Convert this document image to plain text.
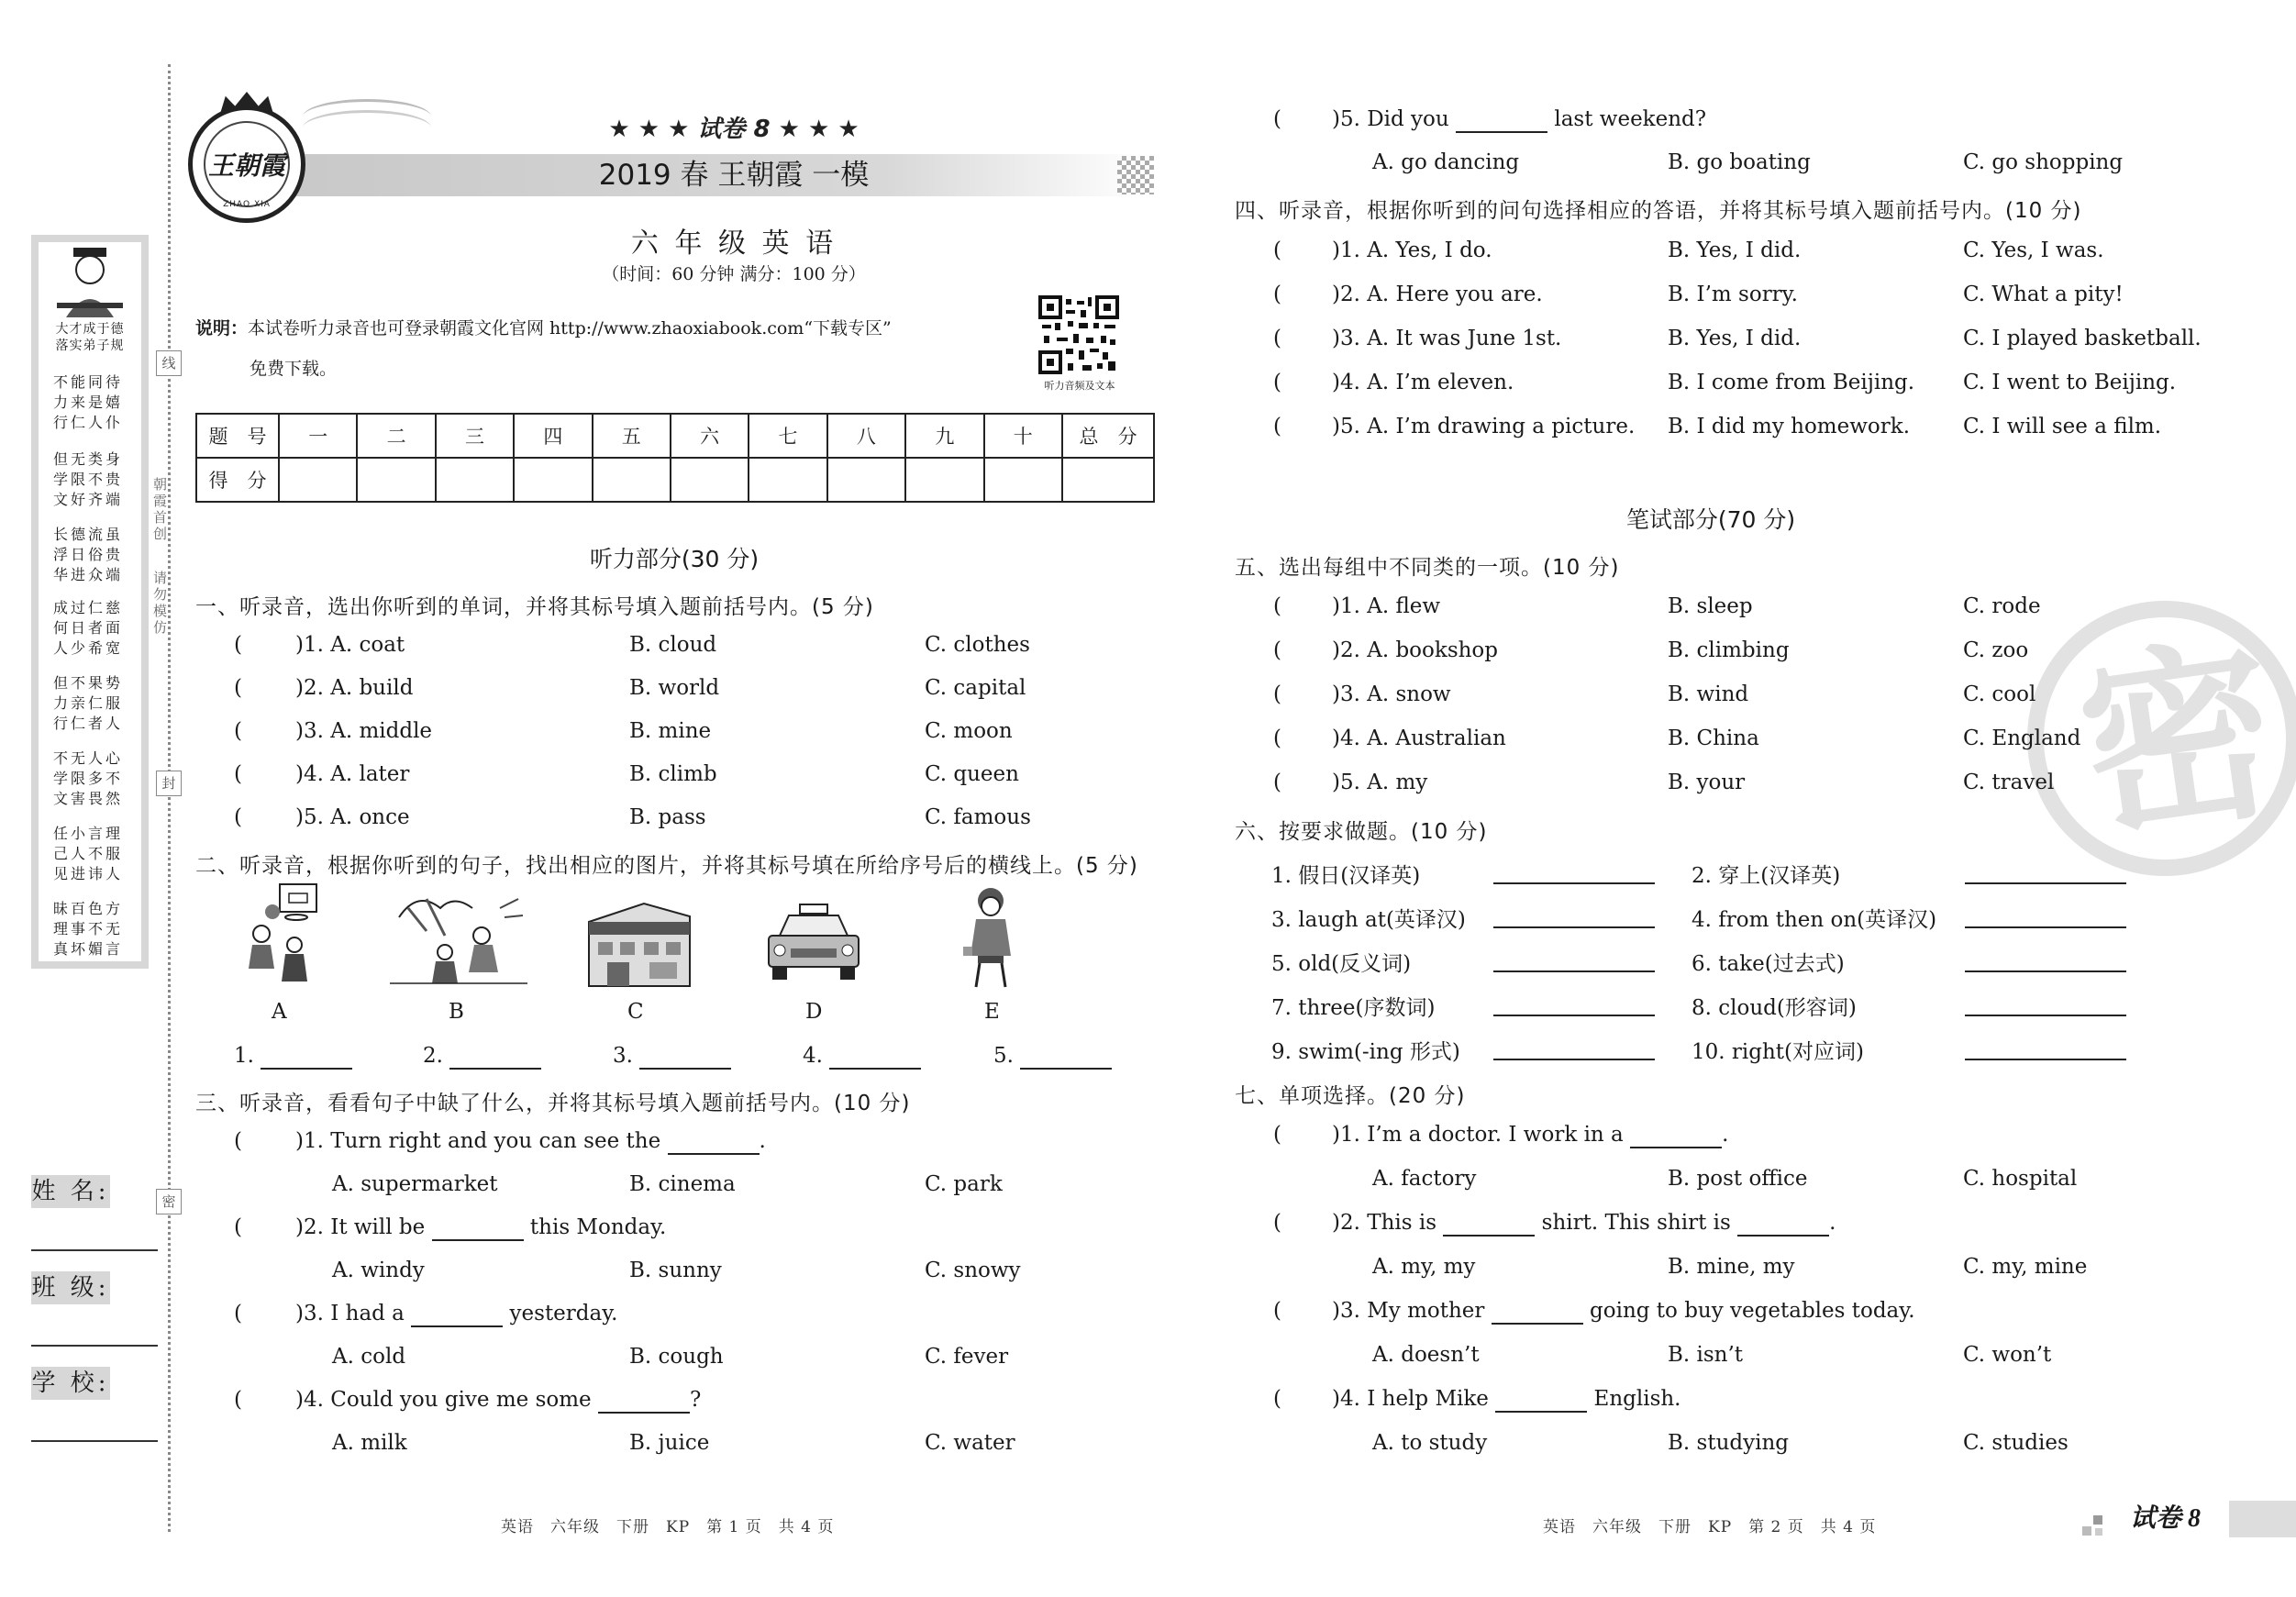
大才成于德
落实弟子规
不能同待
力来是嬉
行仁人仆
但无类身
学限不贵
文好齐端
长德流虽
浮日俗贵
华进众端
成过仁慈
何日者面
人少希宽
但不果势
力亲仁服
行仁者人
不无人心
学限多不
文害畏然
任小言理
己人不服
见进讳人
昧百色方
理事不无
真坏媚言
朝霞首创
请勿模仿
线
封
密
姓 名:
班 级:
学 校:
王朝霞
ZHAO XIA
★ ★ ★ 试卷 8 ★ ★ ★
2019 春 王朝霞 一模
六 年 级 英 语
（时间：60 分钟 满分：100 分）
说明：本试卷听力录音也可登录朝霞文化官网 http://www.zhaoxiabook.com“下载专区”
免费下载。
听力音频及文本
题　号	一	二	三	四	五	六	七	八	九	十	总　分
得　分											
听力部分(30 分)
一、听录音，选出你听到的单词，并将其标号填入题前括号内。(5 分)
(	)1. A. coat	B. cloud	C. clothes
(	)2. A. build	B. world	C. capital
(	)3. A. middle	B. mine	C. moon
(	)4. A. later	B. climb	C. queen
(	)5. A. once	B. pass	C. famous
二、听录音，根据你听到的句子，找出相应的图片，并将其标号填在所给序号后的横线上。(5 分)
A	B	C	D	E
1.	2.	3.	4.	5.
三、听录音，看看句子中缺了什么，并将其标号填入题前括号内。(10 分)
(	)1. Turn right and you can see the	.
A. supermarket	B. cinema	C. park
(	)2. It will be	this Monday.
A. windy	B. sunny	C. snowy
(	)3. I had a	yesterday.
A. cold	B. cough	C. fever
(	)4. Could you give me some	?
A. milk	B. juice	C. water
英语　六年级　下册　KP　第 1 页　共 4 页
密
( )5. Did you	last weekend?
A. go dancing	B. go boating	C. go shopping
四、听录音，根据你听到的问句选择相应的答语，并将其标号填入题前括号内。(10 分)
( )1. A. Yes, I do.	B. Yes, I did.	C. Yes, I was.
( )2. A. Here you are.	B. I’m sorry.	C. What a pity!
( )3. A. It was June 1st.	B. Yes, I did.	C. I played basketball.
( )4. A. I’m eleven.	B. I come from Beijing. C. I went to Beijing.
( )5. A. I’m drawing a picture. B. I did my homework.	C. I will see a film.
笔试部分(70 分)
五、选出每组中不同类的一项。(10 分)
( )1. A. flew	B. sleep	C. rode
( )2. A. bookshop	B. climbing	C. zoo
( )3. A. snow	B. wind	C. cool
( )4. A. Australian	B. China	C. England
( )5. A. my	B. your	C. travel
六、按要求做题。(10 分)
1. 假日(汉译英)	2. 穿上(汉译英)
3. laugh at(英译汉)	4. from then on(英译汉)
5. old(反义词)	6. take(过去式)
7. three(序数词)	8. cloud(形容词)
9. swim(-ing 形式)	10. right(对应词)
七、单项选择。(20 分)
( )1. I’m a doctor. I work in a	.
A. factory	B. post office	C. hospital
( )2. This is	shirt. This shirt is	.
A. my, my	B. mine, my	C. my, mine
( )3. My mother	going to buy vegetables today.
A. doesn’t	B. isn’t	C. won’t
( )4. I help Mike	English.
A. to study	B. studying	C. studies
英语　六年级　下册　KP　第 2 页　共 4 页	试卷 8
